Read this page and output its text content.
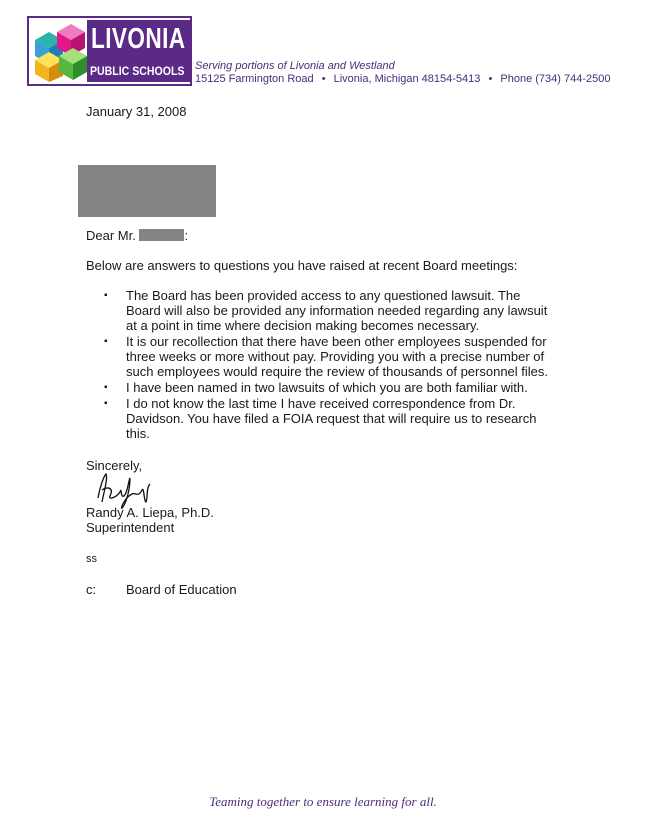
LIVONIA
PUBLIC SCHOOLS Serving portions of Livonia and Westland
15125 Farmington Road • Livonia, Michigan 48154-5413 • Phone (734) 744-2500
January 31, 2008
Dear Mr.	:
Below are answers to questions you have raised at recent Board meetings:
▪ The Board has been provided access to any questioned lawsuit. The
Board will also be provided any information needed regarding any lawsuit
at a point in time where decision making becomes necessary.
▪ It is our recollection that there have been other employees suspended for
three weeks or more without pay. Providing you with a precise number of
such employees would require the review of thousands of personnel files.
▪ I have been named in two lawsuits of which you are both familiar with.
▪ I do not know the last time I have received correspondence from Dr.
Davidson. You have filed a FOIA request that will require us to research
this.
Sincerely,
Randy A. Liepa, Ph.D.
Superintendent
ss
c: Board of Education
Teaming together to ensure learning for all.
